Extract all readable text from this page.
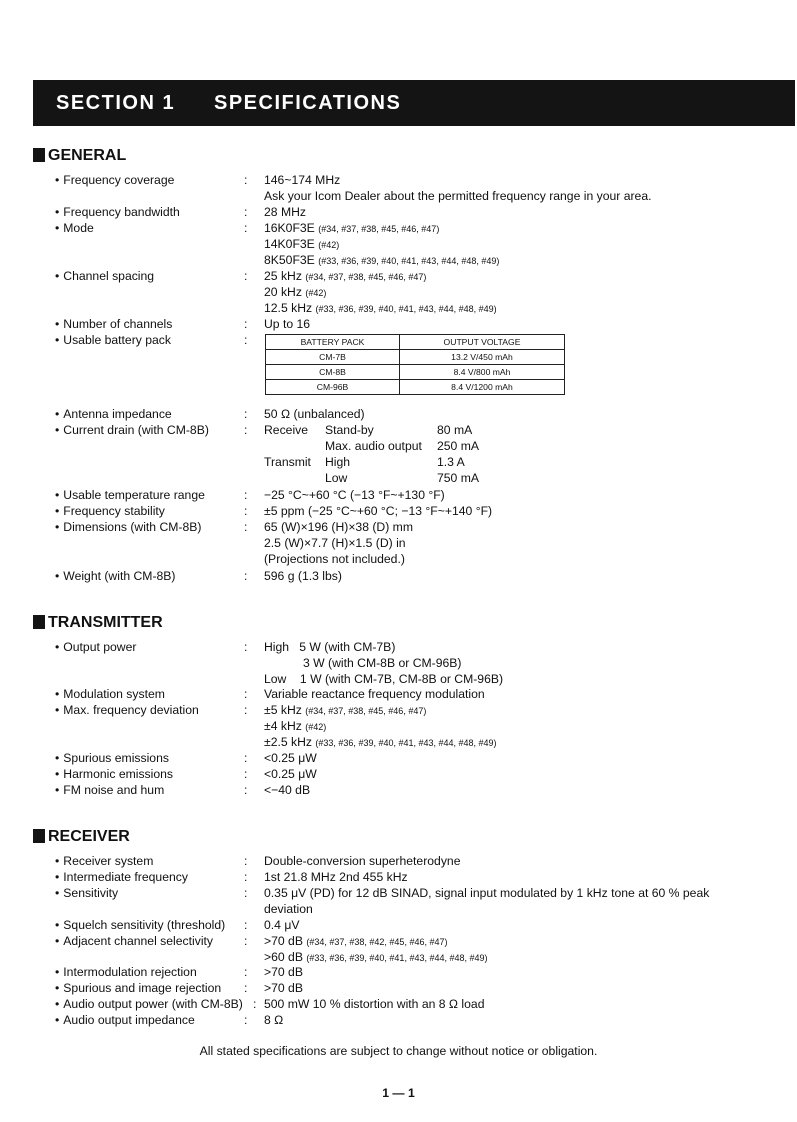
SECTION 1 SPECIFICATIONS
GENERAL
• Frequency coverage	: 146~174 MHz
Ask your Icom Dealer about the permitted frequency range in your area.
• Frequency bandwidth	: 28 MHz
• Mode	: 16K0F3E (#34, #37, #38, #45, #46, #47)
14K0F3E (#42)
8K50F3E (#33, #36, #39, #40, #41, #43, #44, #48, #49)
• Channel spacing	: 25 kHz (#34, #37, #38, #45, #46, #47)
20 kHz (#42)
12.5 kHz (#33, #36, #39, #40, #41, #43, #44, #48, #49)
• Number of channels	: Up to 16
• Usable battery pack	:	BATTERY PACK	OUTPUT VOLTAGE
CM-7B	13.2 V/450 mAh
CM-8B	8.4 V/800 mAh
CM-96B	8.4 V/1200 mAh
• Antenna impedance	: 50 Ω (unbalanced)
• Current drain (with CM-8B)	: Receive Stand-by	80 mA
Max. audio output 250 mA
Transmit High	1.3 A
Low	750 mA
• Usable temperature range	: −25 °C~+60 °C (−13 °F~+130 °F)
• Frequency stability	: ±5 ppm (−25 °C~+60 °C; −13 °F~+140 °F)
• Dimensions (with CM-8B)	: 65 (W)×196 (H)×38 (D) mm
2.5 (W)×7.7 (H)×1.5 (D) in
(Projections not included.)
• Weight (with CM-8B)	: 596 g (1.3 lbs)
TRANSMITTER
• Output power	: High   5 W (with CM-7B)
3 W (with CM-8B or CM-96B)
Low    1 W (with CM-7B, CM-8B or CM-96B)
• Modulation system	: Variable reactance frequency modulation
• Max. frequency deviation	: ±5 kHz (#34, #37, #38, #45, #46, #47)
±4 kHz (#42)
±2.5 kHz (#33, #36, #39, #40, #41, #43, #44, #48, #49)
• Spurious emissions	: <0.25 μW
• Harmonic emissions	: <0.25 μW
• FM noise and hum	: <−40 dB
RECEIVER
• Receiver system	: Double-conversion superheterodyne
• Intermediate frequency	: 1st 21.8 MHz 2nd 455 kHz
• Sensitivity	: 0.35 μV (PD) for 12 dB SINAD, signal input modulated by 1 kHz tone at 60 % peak
deviation
• Squelch sensitivity (threshold) : 0.4 μV
• Adjacent channel selectivity	: >70 dB (#34, #37, #38, #42, #45, #46, #47)
>60 dB (#33, #36, #39, #40, #41, #43, #44, #48, #49)
• Intermodulation rejection	: >70 dB
• Spurious and image rejection : >70 dB
• Audio output power (with CM-8B) : 500 mW 10 % distortion with an 8 Ω load
• Audio output impedance	: 8 Ω
All stated specifications are subject to change without notice or obligation.
1 — 1
